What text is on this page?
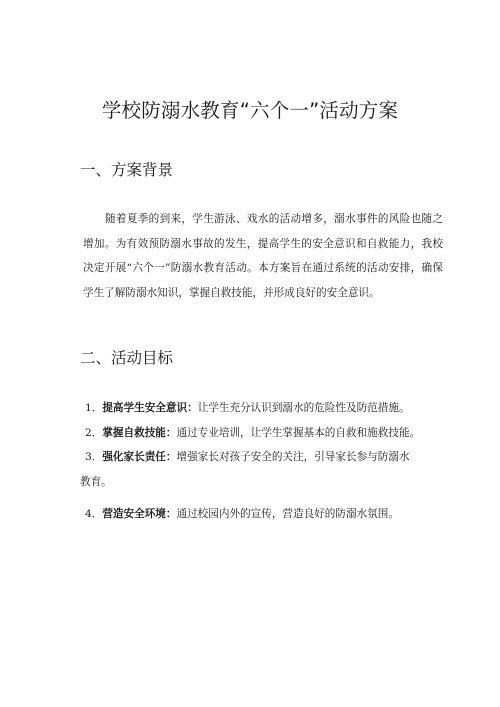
学校防溺水教育“六个一”活动方案
一、方案背景
随着夏季的到来，学生游泳、戏水的活动增多，溺水事件的风险也随之增加。为有效预防溺水事故的发生，提高学生的安全意识和自救能力，我校决定开展“六个一”防溺水教育活动。本方案旨在通过系统的活动安排，确保学生了解防溺水知识，掌握自救技能，并形成良好的安全意识。
二、活动目标
1．提高学生安全意识：让学生充分认识到溺水的危险性及防范措施。
2．掌握自救技能：通过专业培训，让学生掌握基本的自救和施救技能。
3．强化家长责任：增强家长对孩子安全的关注，引导家长参与防溺水
教育。
4．营造安全环境：通过校园内外的宣传，营造良好的防溺水氛围。
